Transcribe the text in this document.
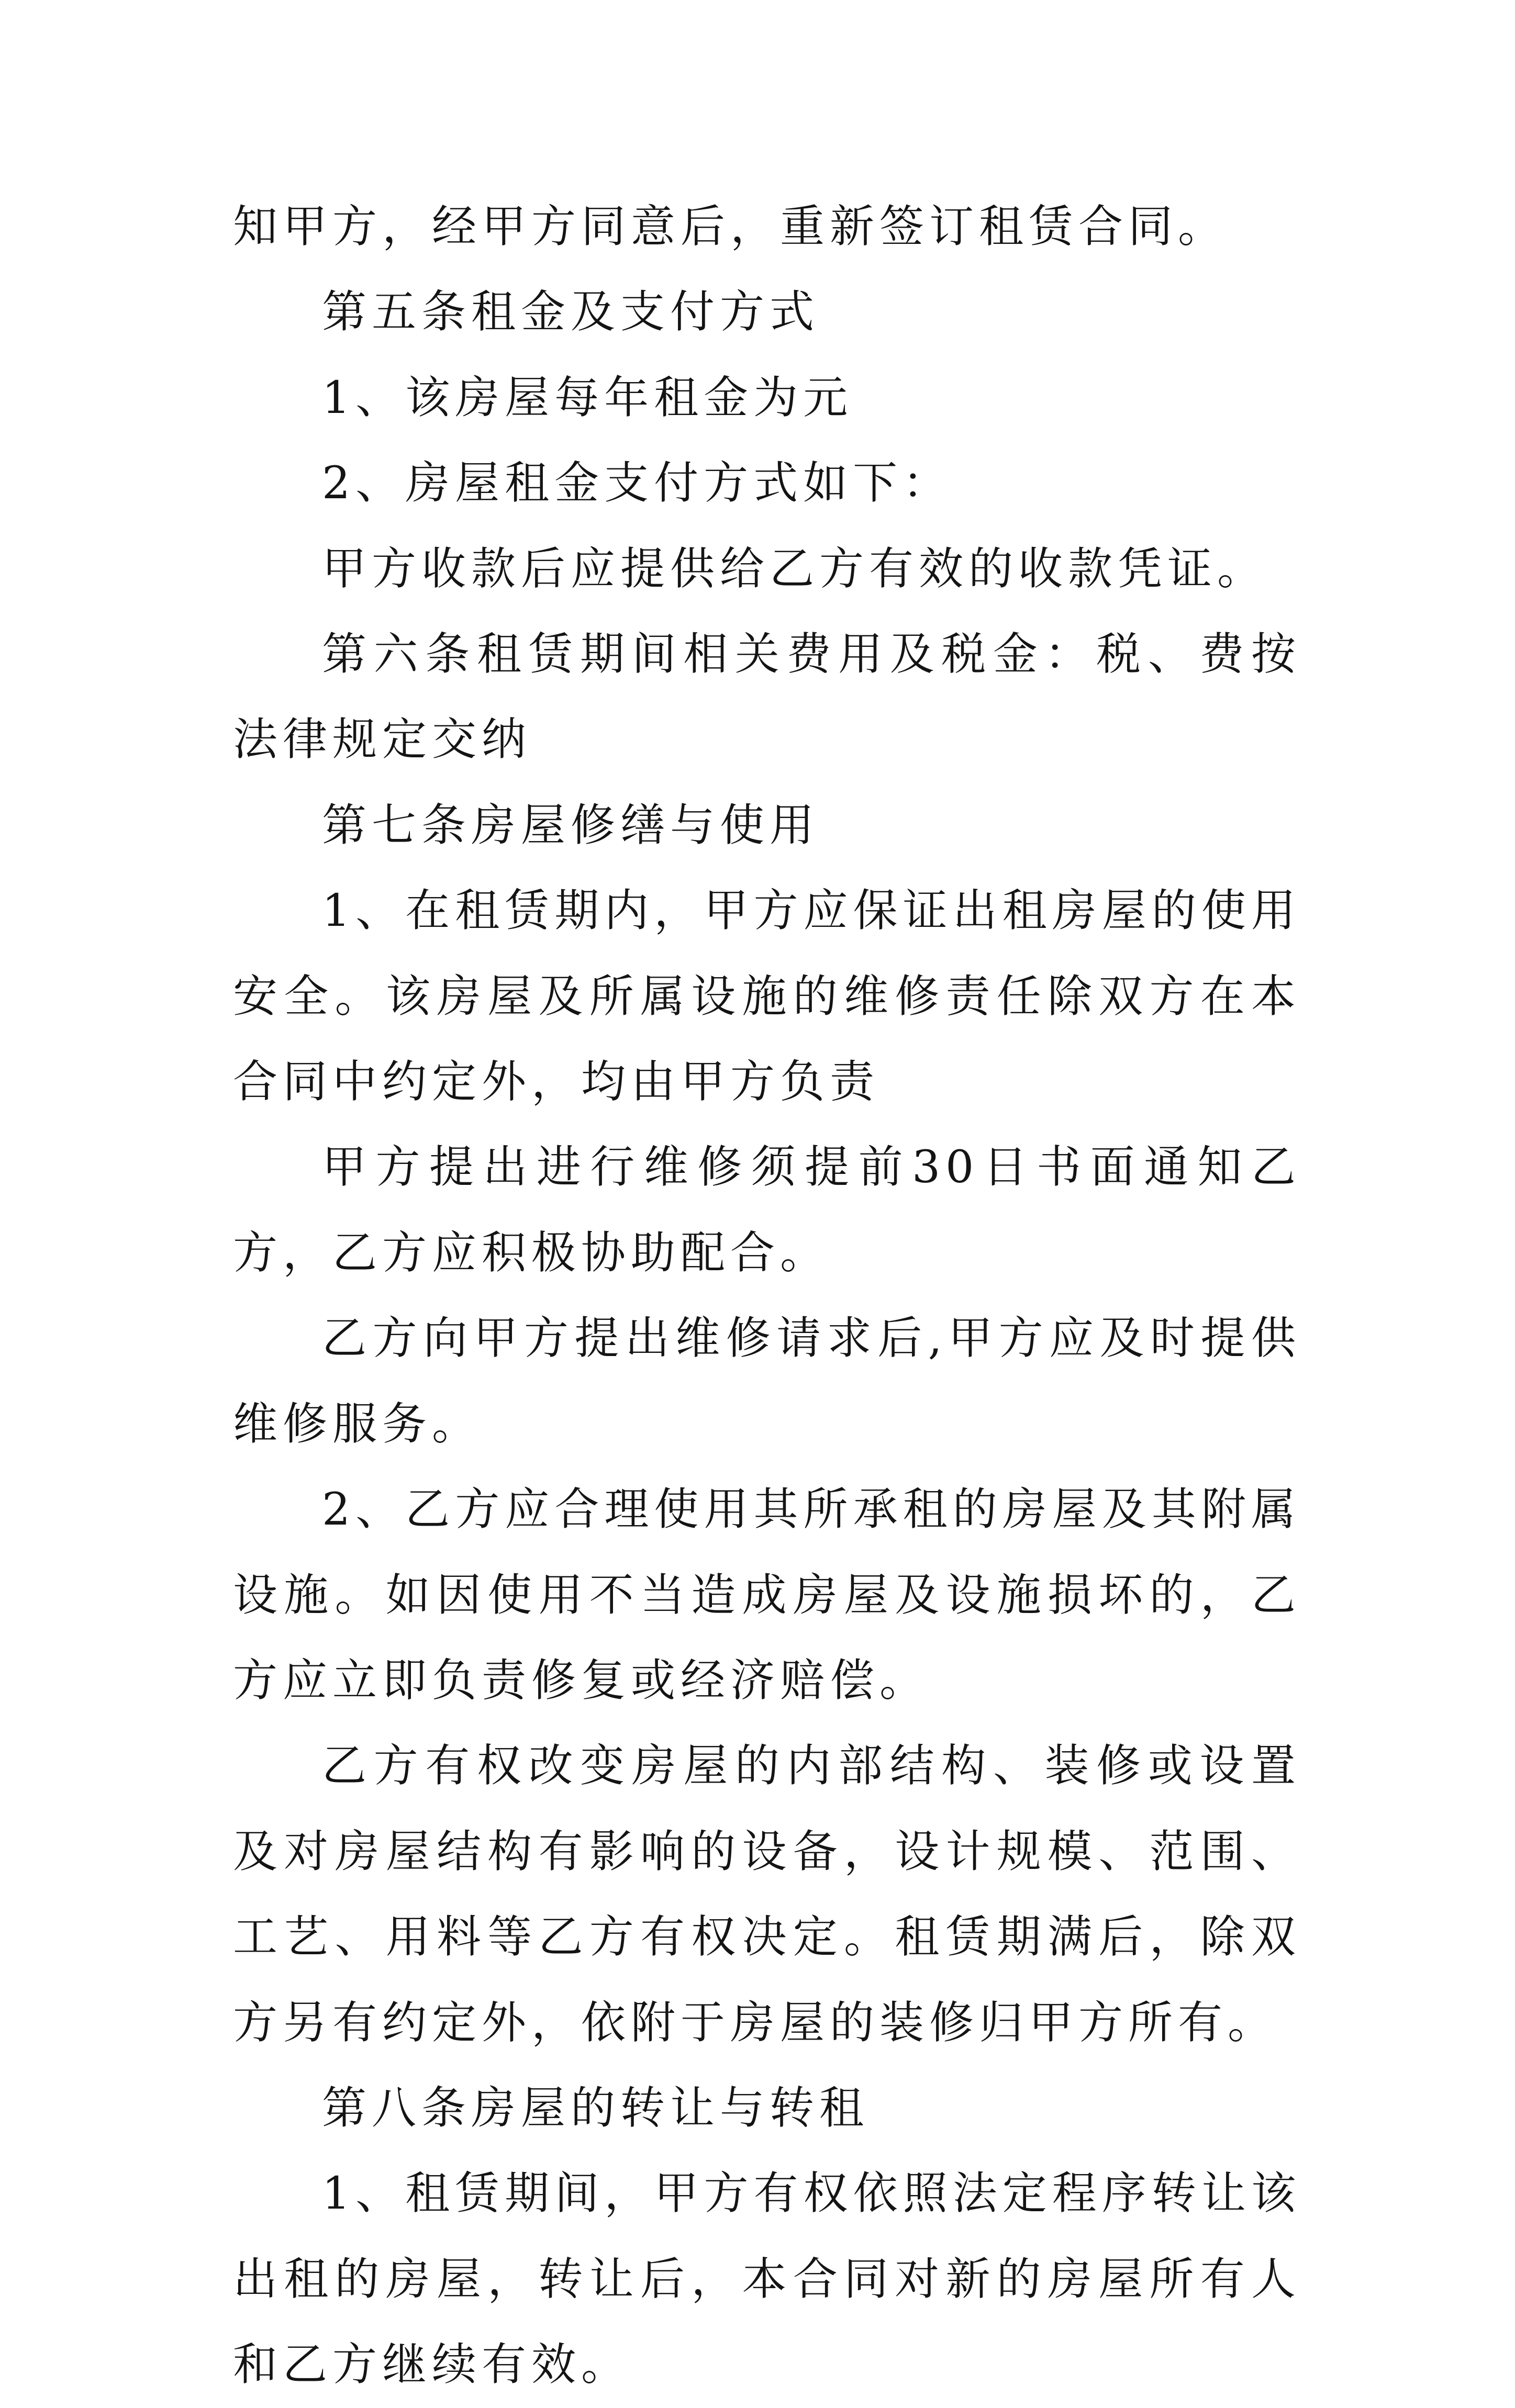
知甲方，经甲方同意后，重新签订租赁合同。

第五条租金及支付方式

1、该房屋每年租金为元

2、房屋租金支付方式如下：

甲方收款后应提供给乙方有效的收款凭证。

第六条租赁期间相关费用及税金：税、费按法律规定交纳

第七条房屋修缮与使用

1、在租赁期内，甲方应保证出租房屋的使用安全。该房屋及所属设施的维修责任除双方在本合同中约定外，均由甲方负责

甲方提出进行维修须提前30日书面通知乙方，乙方应积极协助配合。

乙方向甲方提出维修请求后,甲方应及时提供维修服务。

2、乙方应合理使用其所承租的房屋及其附属设施。如因使用不当造成房屋及设施损坏的，乙方应立即负责修复或经济赔偿。

乙方有权改变房屋的内部结构、装修或设置及对房屋结构有影响的设备，设计规模、范围、工艺、用料等乙方有权决定。租赁期满后，除双方另有约定外，依附于房屋的装修归甲方所有。

第八条房屋的转让与转租

1、租赁期间，甲方有权依照法定程序转让该出租的房屋，转让后，本合同对新的房屋所有人和乙方继续有效。
